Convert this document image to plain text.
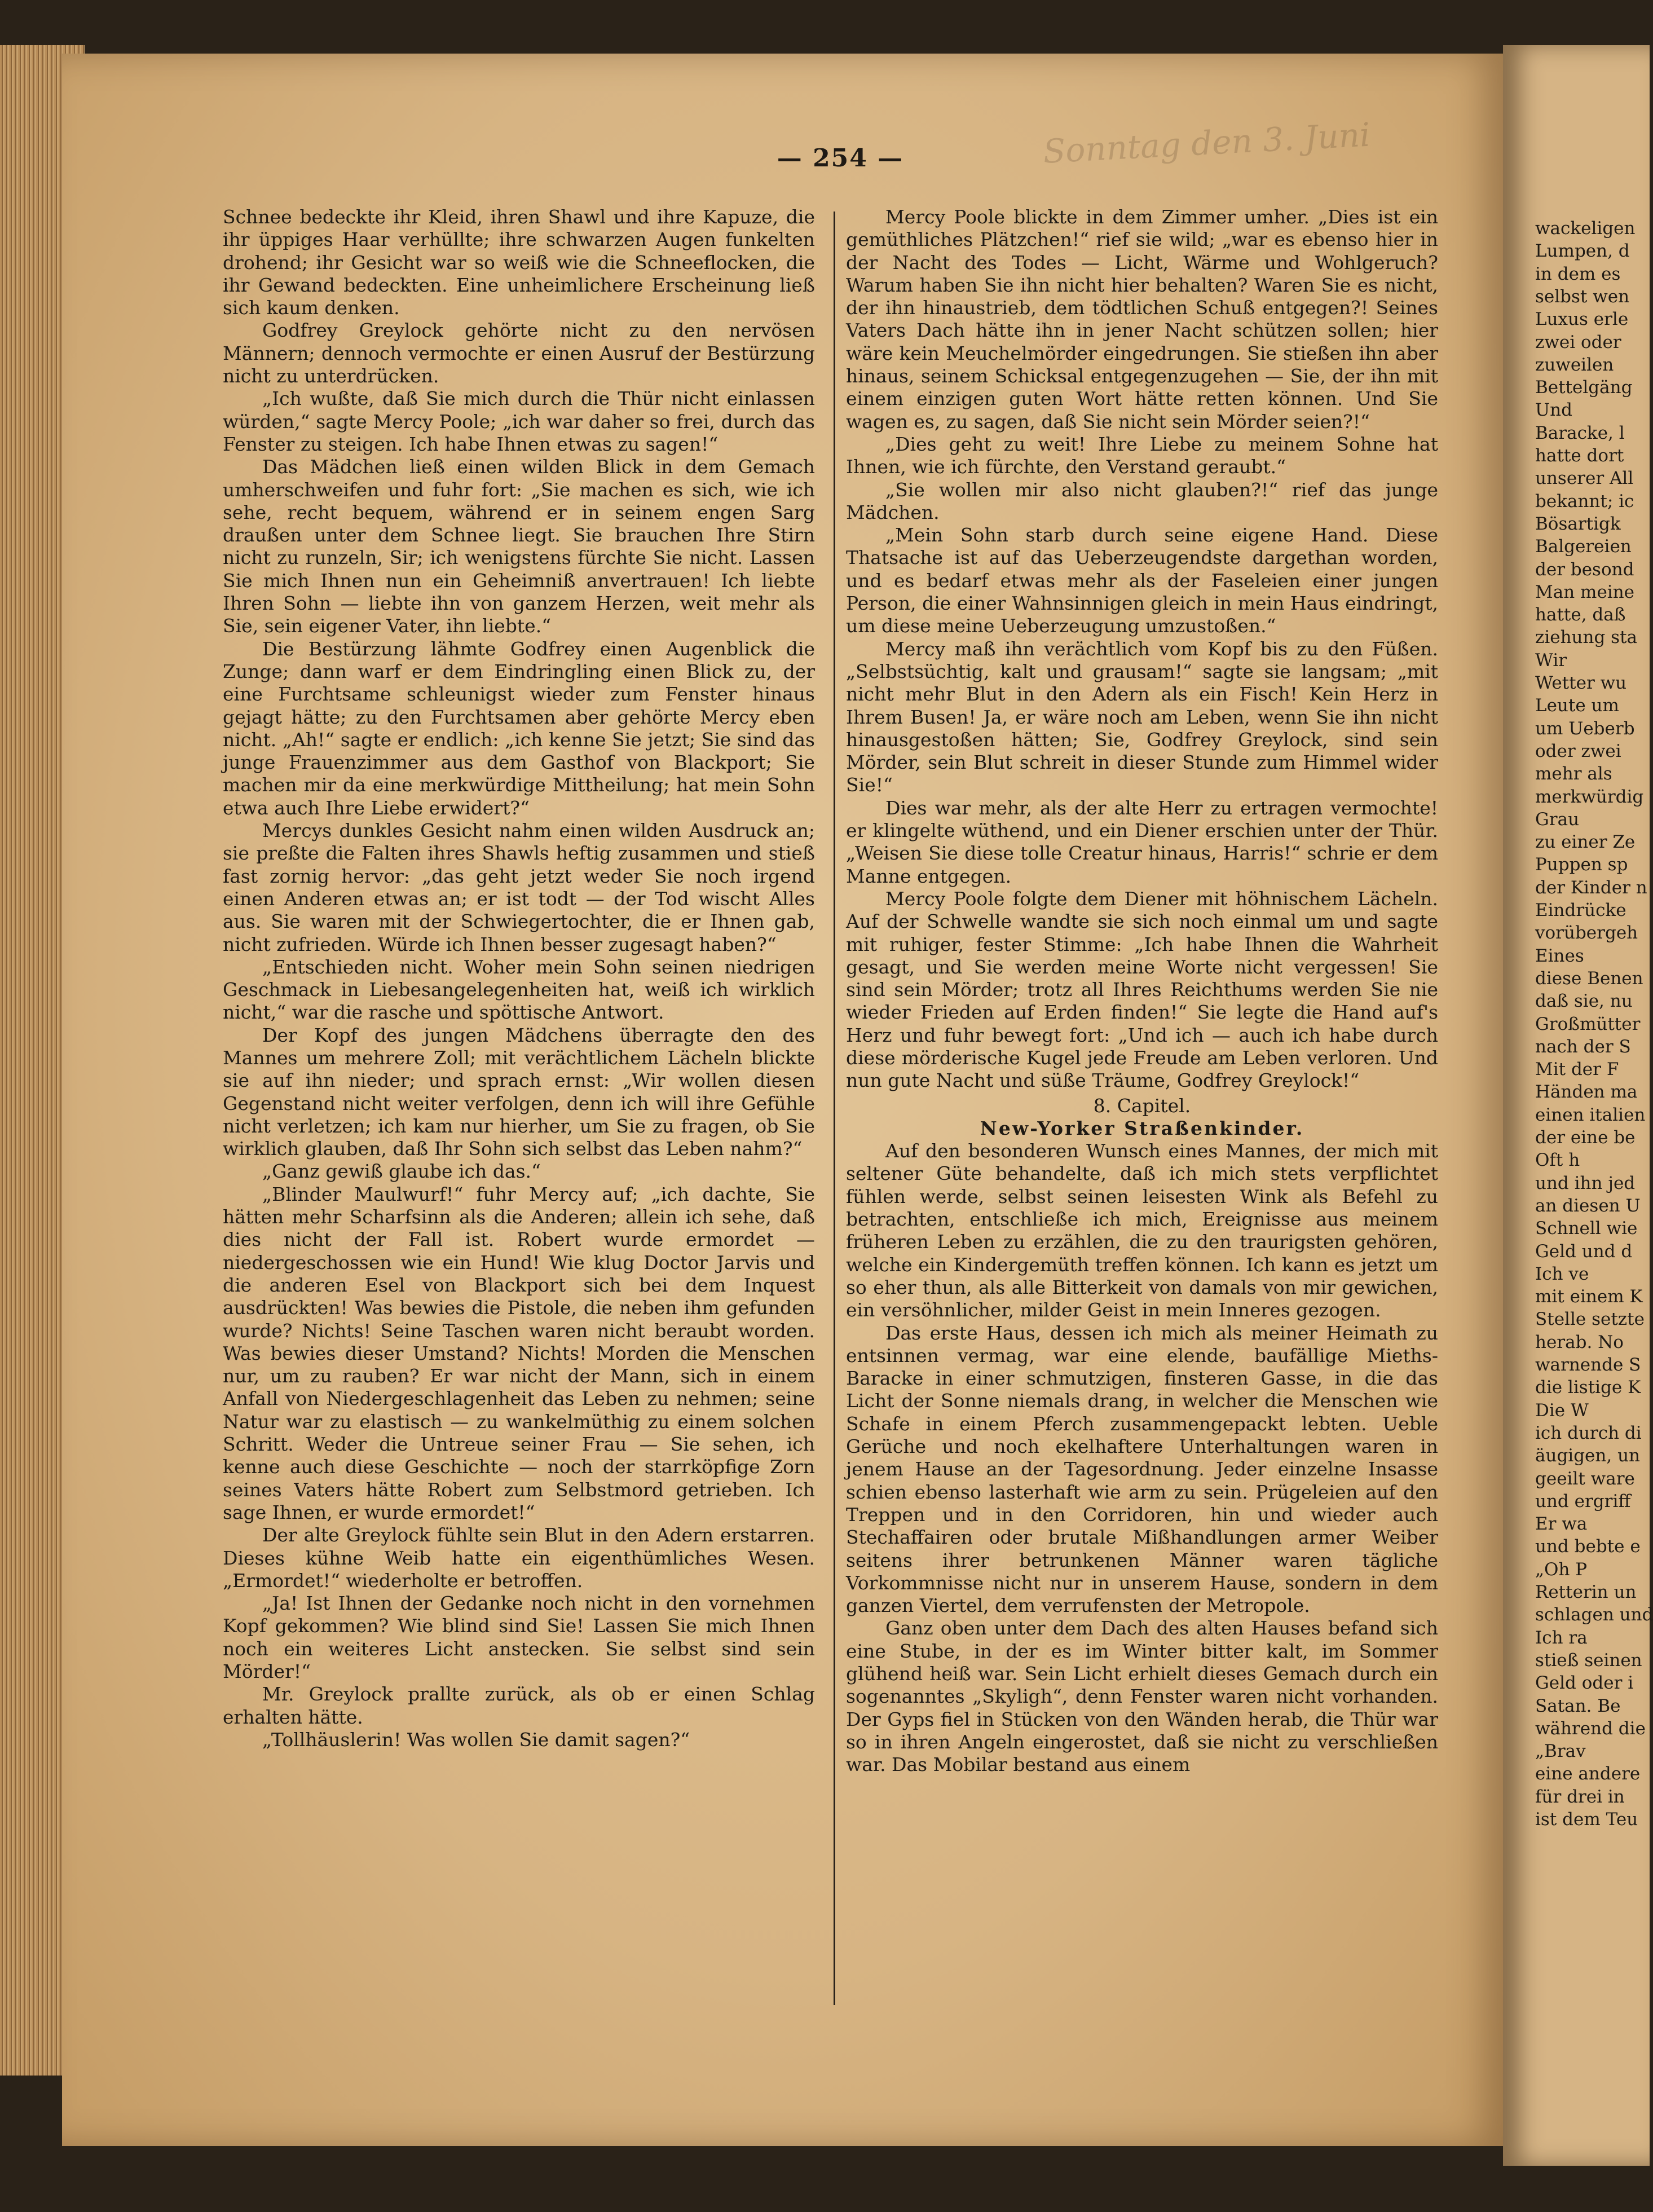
Sonntag den 3. Juni
— 254 —

Schnee bedeckte ihr Kleid, ihren Shawl und ihre Kapuze, die ihr üppiges Haar verhüllte; ihre schwarzen Augen funkelten drohend; ihr Gesicht war so weiß wie die Schneeflocken, die ihr Gewand bedeckten. Eine unheimlichere Erscheinung ließ sich kaum denken.

Godfrey Greylock gehörte nicht zu den nervösen Männern; dennoch vermochte er einen Ausruf der Bestürzung nicht zu unterdrücken.

„Ich wußte, daß Sie mich durch die Thür nicht einlassen würden,“ sagte Mercy Poole; „ich war daher so frei, durch das Fenster zu steigen. Ich habe Ihnen etwas zu sagen!“

Das Mädchen ließ einen wilden Blick in dem Gemach umherschweifen und fuhr fort: „Sie machen es sich, wie ich sehe, recht bequem, während er in seinem engen Sarg draußen unter dem Schnee liegt. Sie brauchen Ihre Stirn nicht zu runzeln, Sir; ich wenigstens fürchte Sie nicht. Lassen Sie mich Ihnen nun ein Geheimniß anvertrauen! Ich liebte Ihren Sohn — liebte ihn von ganzem Herzen, weit mehr als Sie, sein eigener Vater, ihn liebte.“

Die Bestürzung lähmte Godfrey einen Augenblick die Zunge; dann warf er dem Eindringling einen Blick zu, der eine Furchtsame schleunigst wieder zum Fenster hinaus gejagt hätte; zu den Furchtsamen aber gehörte Mercy eben nicht. „Ah!“ sagte er endlich: „ich kenne Sie jetzt; Sie sind das junge Frauenzimmer aus dem Gasthof von Blackport; Sie machen mir da eine merkwürdige Mittheilung; hat mein Sohn etwa auch Ihre Liebe erwidert?“

Mercys dunkles Gesicht nahm einen wilden Ausdruck an; sie preßte die Falten ihres Shawls heftig zusammen und stieß fast zornig hervor: „das geht jetzt weder Sie noch irgend einen Anderen etwas an; er ist todt — der Tod wischt Alles aus. Sie waren mit der Schwiegertochter, die er Ihnen gab, nicht zufrieden. Würde ich Ihnen besser zugesagt haben?“

„Entschieden nicht. Woher mein Sohn seinen niedrigen Geschmack in Liebesangelegenheiten hat, weiß ich wirklich nicht,“ war die rasche und spöttische Antwort.

Der Kopf des jungen Mädchens überragte den des Mannes um mehrere Zoll; mit verächtlichem Lächeln blickte sie auf ihn nieder; und sprach ernst: „Wir wollen diesen Gegenstand nicht weiter verfolgen, denn ich will ihre Gefühle nicht verletzen; ich kam nur hierher, um Sie zu fragen, ob Sie wirklich glauben, daß Ihr Sohn sich selbst das Leben nahm?“

„Ganz gewiß glaube ich das.“

„Blinder Maulwurf!“ fuhr Mercy auf; „ich dachte, Sie hätten mehr Scharfsinn als die Anderen; allein ich sehe, daß dies nicht der Fall ist. Robert wurde ermordet — niedergeschossen wie ein Hund! Wie klug Doctor Jarvis und die anderen Esel von Blackport sich bei dem Inquest ausdrückten! Was bewies die Pistole, die neben ihm gefunden wurde? Nichts! Seine Taschen waren nicht beraubt worden. Was bewies dieser Umstand? Nichts! Morden die Menschen nur, um zu rauben? Er war nicht der Mann, sich in einem Anfall von Niedergeschlagenheit das Leben zu nehmen; seine Natur war zu elastisch — zu wankelmüthig zu einem solchen Schritt. Weder die Untreue seiner Frau — Sie sehen, ich kenne auch diese Geschichte — noch der starrköpfige Zorn seines Vaters hätte Robert zum Selbstmord getrieben. Ich sage Ihnen, er wurde ermordet!“

Der alte Greylock fühlte sein Blut in den Adern erstarren. Dieses kühne Weib hatte ein eigenthümliches Wesen. „Ermordet!“ wiederholte er betroffen.

„Ja! Ist Ihnen der Gedanke noch nicht in den vornehmen Kopf gekommen? Wie blind sind Sie! Lassen Sie mich Ihnen noch ein weiteres Licht anstecken. Sie selbst sind sein Mörder!“

Mr. Greylock prallte zurück, als ob er einen Schlag erhalten hätte.

„Tollhäuslerin! Was wollen Sie damit sagen?“

Mercy Poole blickte in dem Zimmer umher. „Dies ist ein gemüthliches Plätzchen!“ rief sie wild; „war es ebenso hier in der Nacht des Todes — Licht, Wärme und Wohlgeruch? Warum haben Sie ihn nicht hier behalten? Waren Sie es nicht, der ihn hinaustrieb, dem tödtlichen Schuß entgegen?! Seines Vaters Dach hätte ihn in jener Nacht schützen sollen; hier wäre kein Meuchelmörder eingedrungen. Sie stießen ihn aber hinaus, seinem Schicksal entgegenzugehen — Sie, der ihn mit einem einzigen guten Wort hätte retten können. Und Sie wagen es, zu sagen, daß Sie nicht sein Mörder seien?!“

„Dies geht zu weit! Ihre Liebe zu meinem Sohne hat Ihnen, wie ich fürchte, den Verstand geraubt.“

„Sie wollen mir also nicht glauben?!“ rief das junge Mädchen.

„Mein Sohn starb durch seine eigene Hand. Diese Thatsache ist auf das Ueberzeugendste dargethan worden, und es bedarf etwas mehr als der Faseleien einer jungen Person, die einer Wahnsinnigen gleich in mein Haus eindringt, um diese meine Ueberzeugung umzustoßen.“

Mercy maß ihn verächtlich vom Kopf bis zu den Füßen. „Selbstsüchtig, kalt und grausam!“ sagte sie langsam; „mit nicht mehr Blut in den Adern als ein Fisch! Kein Herz in Ihrem Busen! Ja, er wäre noch am Leben, wenn Sie ihn nicht hinausgestoßen hätten; Sie, Godfrey Greylock, sind sein Mörder, sein Blut schreit in dieser Stunde zum Himmel wider Sie!“

Dies war mehr, als der alte Herr zu ertragen vermochte! er klingelte wüthend, und ein Diener erschien unter der Thür. „Weisen Sie diese tolle Creatur hinaus, Harris!“ schrie er dem Manne entgegen.

Mercy Poole folgte dem Diener mit höhnischem Lächeln. Auf der Schwelle wandte sie sich noch einmal um und sagte mit ruhiger, fester Stimme: „Ich habe Ihnen die Wahrheit gesagt, und Sie werden meine Worte nicht vergessen! Sie sind sein Mörder; trotz all Ihres Reichthums werden Sie nie wieder Frieden auf Erden finden!“ Sie legte die Hand auf's Herz und fuhr bewegt fort: „Und ich — auch ich habe durch diese mörderische Kugel jede Freude am Leben verloren. Und nun gute Nacht und süße Träume, Godfrey Greylock!“

8. Capitel.

New-Yorker Straßenkinder.

Auf den besonderen Wunsch eines Mannes, der mich mit seltener Güte behandelte, daß ich mich stets verpflichtet fühlen werde, selbst seinen leisesten Wink als Befehl zu betrachten, entschließe ich mich, Ereignisse aus meinem früheren Leben zu erzählen, die zu den traurigsten gehören, welche ein Kindergemüth treffen können. Ich kann es jetzt um so eher thun, als alle Bitterkeit von damals von mir gewichen, ein versöhnlicher, milder Geist in mein Inneres gezogen.

Das erste Haus, dessen ich mich als meiner Heimath zu entsinnen vermag, war eine elende, baufällige Mieths-Baracke in einer schmutzigen, finsteren Gasse, in die das Licht der Sonne niemals drang, in welcher die Menschen wie Schafe in einem Pferch zusammengepackt lebten. Ueble Gerüche und noch ekelhaftere Unterhaltungen waren in jenem Hause an der Tagesordnung. Jeder einzelne Insasse schien ebenso lasterhaft wie arm zu sein. Prügeleien auf den Treppen und in den Corridoren, hin und wieder auch Stechaffairen oder brutale Mißhandlungen armer Weiber seitens ihrer betrunkenen Männer waren tägliche Vorkommnisse nicht nur in unserem Hause, sondern in dem ganzen Viertel, dem verrufensten der Metropole.

Ganz oben unter dem Dach des alten Hauses befand sich eine Stube, in der es im Winter bitter kalt, im Sommer glühend heiß war. Sein Licht erhielt dieses Gemach durch ein sogenanntes „Skyligh“, denn Fenster waren nicht vorhanden. Der Gyps fiel in Stücken von den Wänden herab, die Thür war so in ihren Angeln eingerostet, daß sie nicht zu verschließen war. Das Mobilar bestand aus einem

wackeligen
Lumpen, d
in dem es
selbst wen
Luxus erle
zwei oder
zuweilen
Bettelgäng
Und
Baracke, l
hatte dort
unserer All
bekannt; ic
Bösartigk
Balgereien
der besond
Man meine
hatte, daß
ziehung sta
Wir
Wetter wu
Leute um
um Ueberb
oder zwei
mehr als
merkwürdig
Grau
zu einer Ze
Puppen sp
der Kinder n
Eindrücke
vorübergeh
Eines
diese Benen
daß sie, nu
Großmütter
nach der S
Mit der F
Händen ma
einen italien
der eine be
Oft h
und ihn jed
an diesen U
Schnell wie
Geld und d
Ich ve
mit einem K
Stelle setzte
herab. No
warnende S
die listige K
Die W
ich durch di
äugigen, un
geeilt ware
und ergriff
Er wa
und bebte e
„Oh P
Retterin un
schlagen und
Ich ra
stieß seinen
Geld oder i
Satan. Be
während die
„Brav
eine andere
für drei in
ist dem Teu
